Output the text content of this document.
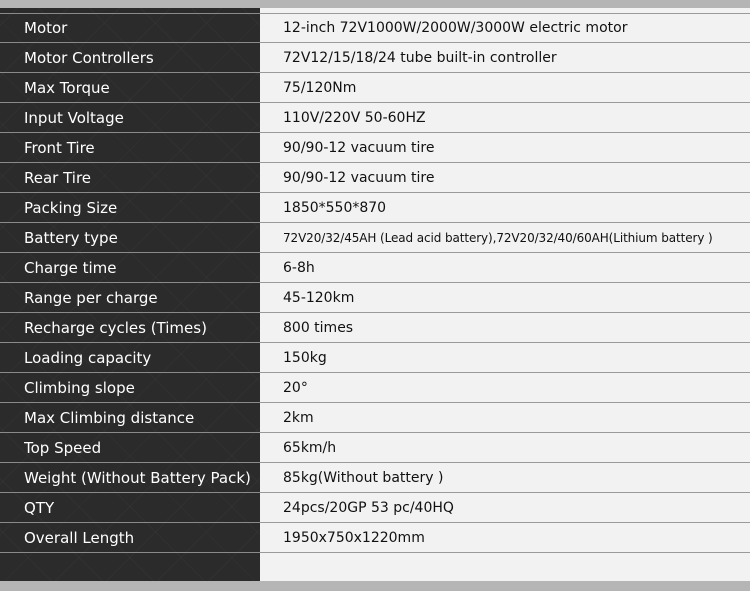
Motor	12-inch 72V1000W/2000W/3000W electric motor
Motor Controllers	72V12/15/18/24 tube built-in controller
Max Torque	75/120Nm
Input Voltage	110V/220V 50-60HZ
Front Tire	90/90-12 vacuum tire
Rear Tire	90/90-12 vacuum tire
Packing Size	1850*550*870
Battery type	72V20/32/45AH (Lead acid battery),72V20/32/40/60AH(Lithium battery )
Charge time	6-8h
Range per charge	45-120km
Recharge cycles (Times)	800 times
Loading capacity	150kg
Climbing slope	20°
Max Climbing distance	2km
Top Speed	65km/h
Weight (Without Battery Pack)	85kg(Without battery )
QTY	24pcs/20GP 53 pc/40HQ
Overall Length	1950x750x1220mm
